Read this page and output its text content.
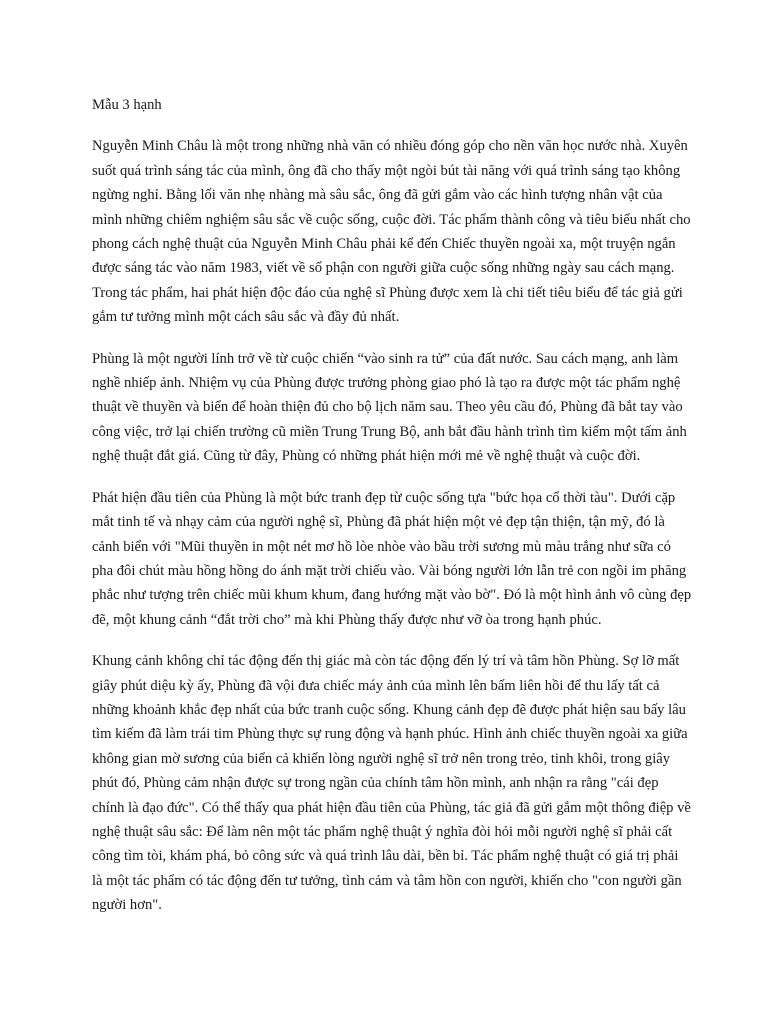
Mẫu 3 hạnh

Nguyễn Minh Châu là một trong những nhà văn có nhiều đóng góp cho nền văn học nước nhà. Xuyên suốt quá trình sáng tác của mình, ông đã cho thấy một ngòi bút tài năng với quá trình sáng tạo không ngừng nghỉ. Bằng lối văn nhẹ nhàng mà sâu sắc, ông đã gửi gắm vào các hình tượng nhân vật của mình những chiêm nghiệm sâu sắc về cuộc sống, cuộc đời. Tác phẩm thành công và tiêu biểu nhất cho phong cách nghệ thuật của Nguyễn Minh Châu phải kể đến Chiếc thuyền ngoài xa, một truyện ngắn được sáng tác vào năm 1983, viết về số phận con người giữa cuộc sống những ngày sau cách mạng. Trong tác phẩm, hai phát hiện độc đáo của nghệ sĩ Phùng được xem là chi tiết tiêu biểu để tác giả gửi gắm tư tưởng mình một cách sâu sắc và đầy đủ nhất.

Phùng là một người lính trở về từ cuộc chiến “vào sinh ra tử” của đất nước. Sau cách mạng, anh làm nghề nhiếp ảnh. Nhiệm vụ của Phùng được trưởng phòng giao phó là tạo ra được một tác phẩm nghệ thuật về thuyền và biển để hoàn thiện đủ cho bộ lịch năm sau. Theo yêu cầu đó, Phùng đã bắt tay vào công việc, trở lại chiến trường cũ miền Trung Trung Bộ, anh bắt đầu hành trình tìm kiếm một tấm ảnh nghệ thuật đắt giá. Cũng từ đây, Phùng có những phát hiện mới mẻ về nghệ thuật và cuộc đời.

Phát hiện đầu tiên của Phùng là một bức tranh đẹp từ cuộc sống tựa "bức họa cổ thời tàu". Dưới cặp mắt tinh tế và nhạy cảm của người nghệ sĩ, Phùng đã phát hiện một vẻ đẹp tận thiện, tận mỹ, đó là cảnh biển với "Mũi thuyền in một nét mơ hồ lòe nhòe vào bầu trời sương mù màu trắng như sữa có pha đôi chút màu hồng hồng do ánh mặt trời chiếu vào. Vài bóng người lớn lẫn trẻ con ngồi im phăng phắc như tượng trên chiếc mũi khum khum, đang hướng mặt vào bờ". Đó là một hình ảnh vô cùng đẹp đẽ, một khung cảnh “đắt trời cho” mà khi Phùng thấy được như vỡ òa trong hạnh phúc.

Khung cảnh không chỉ tác động đến thị giác mà còn tác động đến lý trí và tâm hồn Phùng. Sợ lỡ mất giây phút diệu kỳ ấy, Phùng đã vội đưa chiếc máy ảnh của mình lên bấm liên hồi để thu lấy tất cả những khoảnh khắc đẹp nhất của bức tranh cuộc sống. Khung cảnh đẹp đẽ được phát hiện sau bấy lâu tìm kiếm đã làm trái tim Phùng thực sự rung động và hạnh phúc. Hình ảnh chiếc thuyền ngoài xa giữa không gian mờ sương của biển cả khiến lòng người nghệ sĩ trở nên trong trẻo, tinh khôi, trong giây phút đó, Phùng cảm nhận được sự trong ngần của chính tâm hồn mình, anh nhận ra rằng "cái đẹp chính là đạo đức". Có thể thấy qua phát hiện đầu tiên của Phùng, tác giả đã gửi gắm một thông điệp về nghệ thuật sâu sắc: Để làm nên một tác phẩm nghệ thuật ý nghĩa đòi hỏi mỗi người nghệ sĩ phải cất công tìm tòi, khám phá, bỏ công sức và quá trình lâu dài, bền bỉ. Tác phẩm nghệ thuật có giá trị phải là một tác phẩm có tác động đến tư tưởng, tình cảm và tâm hồn con người, khiến cho "con người gần người hơn".
